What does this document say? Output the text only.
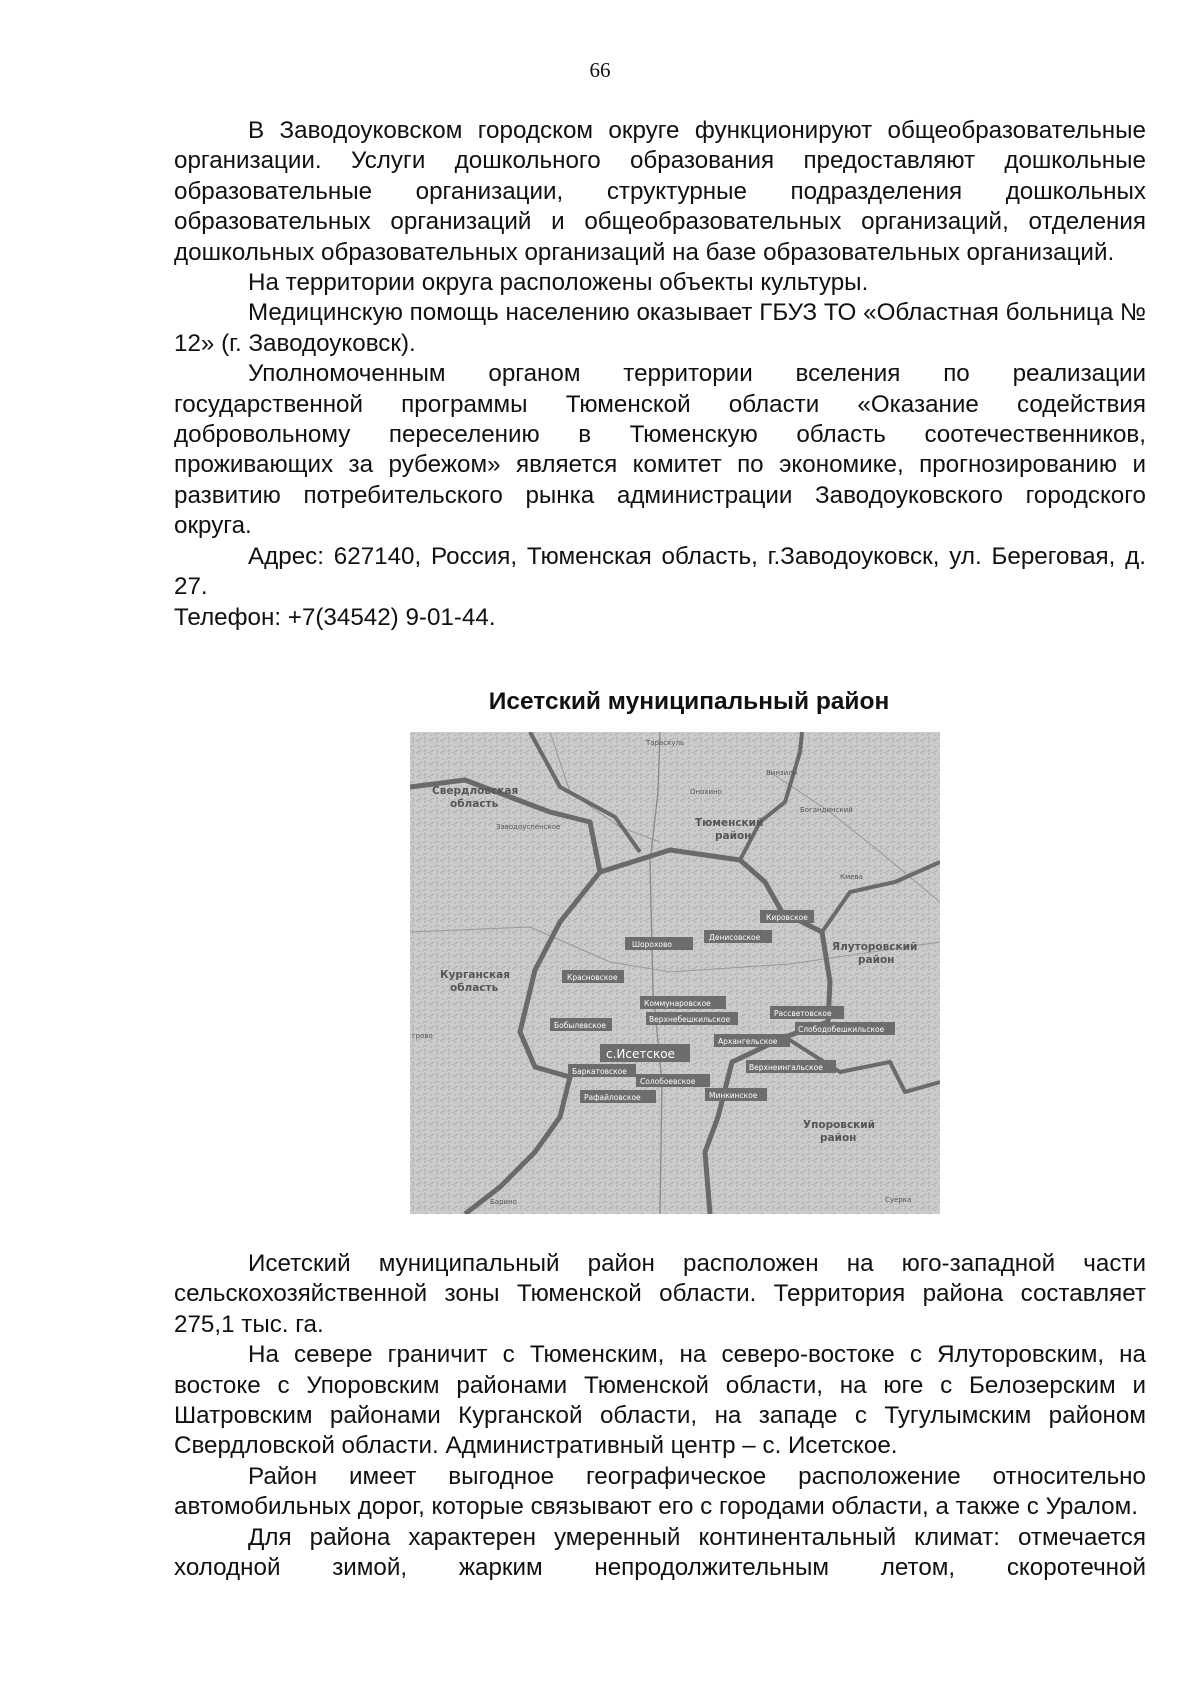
66

В Заводоуковском городском округе функционируют общеобразовательные организации. Услуги дошкольного образования предоставляют дошкольные образовательные организации, структурные подразделения дошкольных образовательных организаций и общеобразовательных организаций, отделения дошкольных образовательных организаций на базе образовательных организаций.

На территории округа расположены объекты культуры.

Медицинскую помощь населению оказывает ГБУЗ ТО «Областная больница № 12» (г. Заводоуковск).

Уполномоченным органом территории вселения по реализации государственной программы Тюменской области «Оказание содействия добровольному переселению в Тюменскую область соотечественников, проживающих за рубежом» является комитет по экономике, прогнозированию и развитию потребительского рынка администрации Заводоуковского городского округа.

Адрес: 627140, Россия, Тюменская область, г.Заводоуковск, ул. Береговая, д. 27.

Телефон: +7(34542) 9-01-44.

Исетский муниципальный район
Свердловская
область
Тюменский
район
Ялуторовский
район
Курганская
область
Упоровский
район
Тараскуль
Винзили
Онохино
Богандинский
Заводоуспенское
Кмева
грово
Барино	Суерка
Кировское
Шорохово
Денисовское
Красновское
Коммунаровское
Бобылевское
Верхнебешкильское
Рассветовское
Слободобешкильское
Архангельское
с.Исетское
Баркатовское
Солобоевское
Верхнеингальское
Рафайловское	Минкинское

Исетский муниципальный район расположен на юго-западной части сельскохозяйственной зоны Тюменской области. Территория района составляет 275,1 тыс. га.

На севере граничит с Тюменским, на северо-востоке с Ялуторовским, на востоке с Упоровским районами Тюменской области, на юге с Белозерским и Шатровским районами Курганской области, на западе с Тугулымским районом Свердловской области. Административный центр – с. Исетское.

Район имеет выгодное географическое расположение относительно автомобильных дорог, которые связывают его с городами области, а также с Уралом.

Для района характерен умеренный континентальный климат: отмечается холодной зимой, жарким непродолжительным летом, скоротечной
